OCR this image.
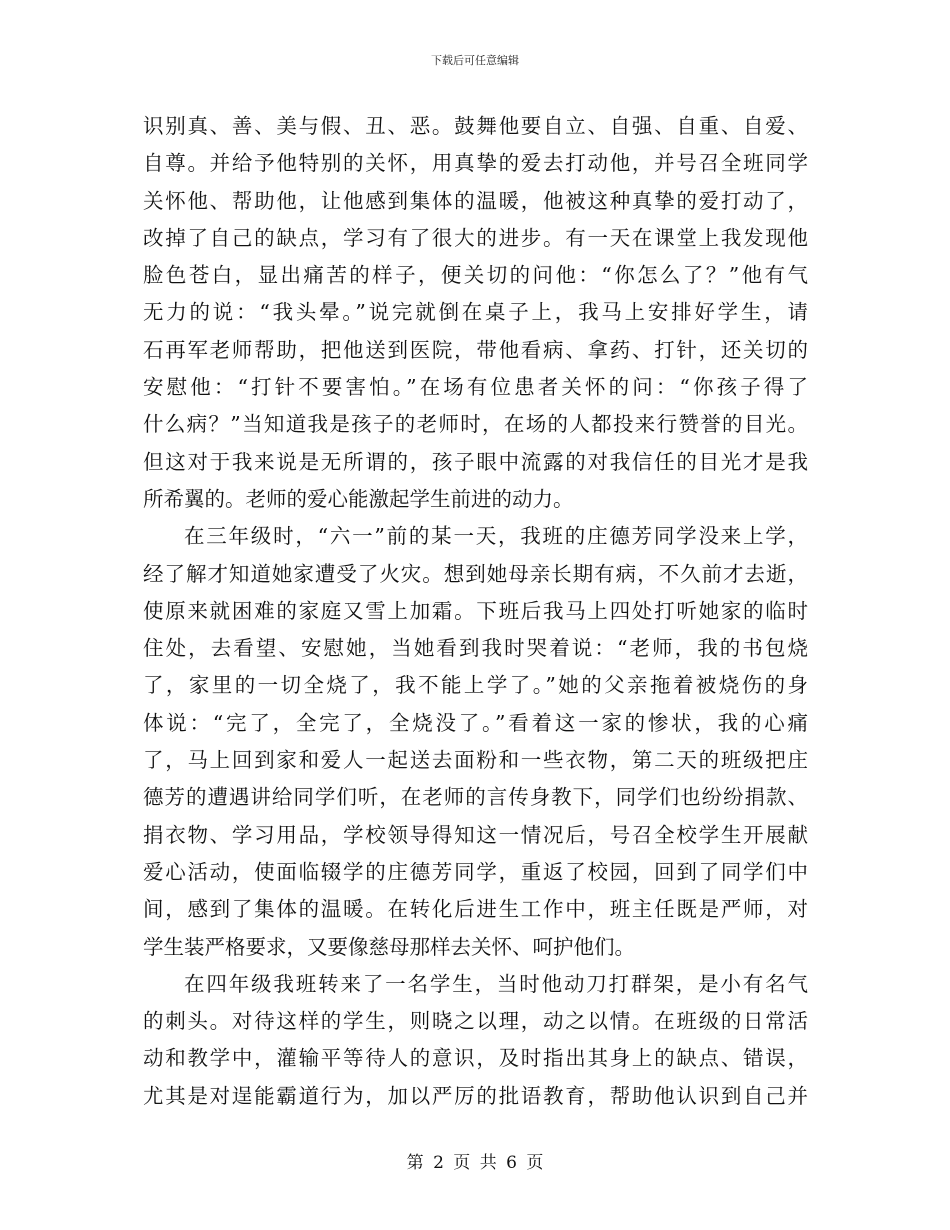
下载后可任意编辑
识别真、善、美与假、丑、恶。鼓舞他要自立、自强、自重、自爱、
自尊。并给予他特别的关怀，用真挚的爱去打动他，并号召全班同学
关怀他、帮助他，让他感到集体的温暖，他被这种真挚的爱打动了，
改掉了自己的缺点，学习有了很大的进步。有一天在课堂上我发现他
脸色苍白，显出痛苦的样子，便关切的问他：“你怎么了？”他有气
无力的说：“我头晕。”说完就倒在桌子上，我马上安排好学生，请
石再军老师帮助，把他送到医院，带他看病、拿药、打针，还关切的
安慰他：“打针不要害怕。”在场有位患者关怀的问：“你孩子得了
什么病？”当知道我是孩子的老师时，在场的人都投来行赞誉的目光。
但这对于我来说是无所谓的，孩子眼中流露的对我信任的目光才是我
所希翼的。老师的爱心能激起学生前进的动力。
在三年级时，“六一”前的某一天，我班的庄德芳同学没来上学，
经了解才知道她家遭受了火灾。想到她母亲长期有病，不久前才去逝，
使原来就困难的家庭又雪上加霜。下班后我马上四处打听她家的临时
住处，去看望、安慰她，当她看到我时哭着说：“老师，我的书包烧
了，家里的一切全烧了，我不能上学了。”她的父亲拖着被烧伤的身
体说：“完了，全完了，全烧没了。”看着这一家的惨状，我的心痛
了，马上回到家和爱人一起送去面粉和一些衣物，第二天的班级把庄
德芳的遭遇讲给同学们听，在老师的言传身教下，同学们也纷纷捐款、
捐衣物、学习用品，学校领导得知这一情况后，号召全校学生开展献
爱心活动，使面临辍学的庄德芳同学，重返了校园，回到了同学们中
间，感到了集体的温暖。在转化后进生工作中，班主任既是严师，对
学生装严格要求，又要像慈母那样去关怀、呵护他们。
在四年级我班转来了一名学生，当时他动刀打群架，是小有名气
的刺头。对待这样的学生，则晓之以理，动之以情。在班级的日常活
动和教学中，灌输平等待人的意识，及时指出其身上的缺点、错误，
尤其是对逞能霸道行为，加以严厉的批语教育，帮助他认识到自己并
第 2 页 共 6 页
